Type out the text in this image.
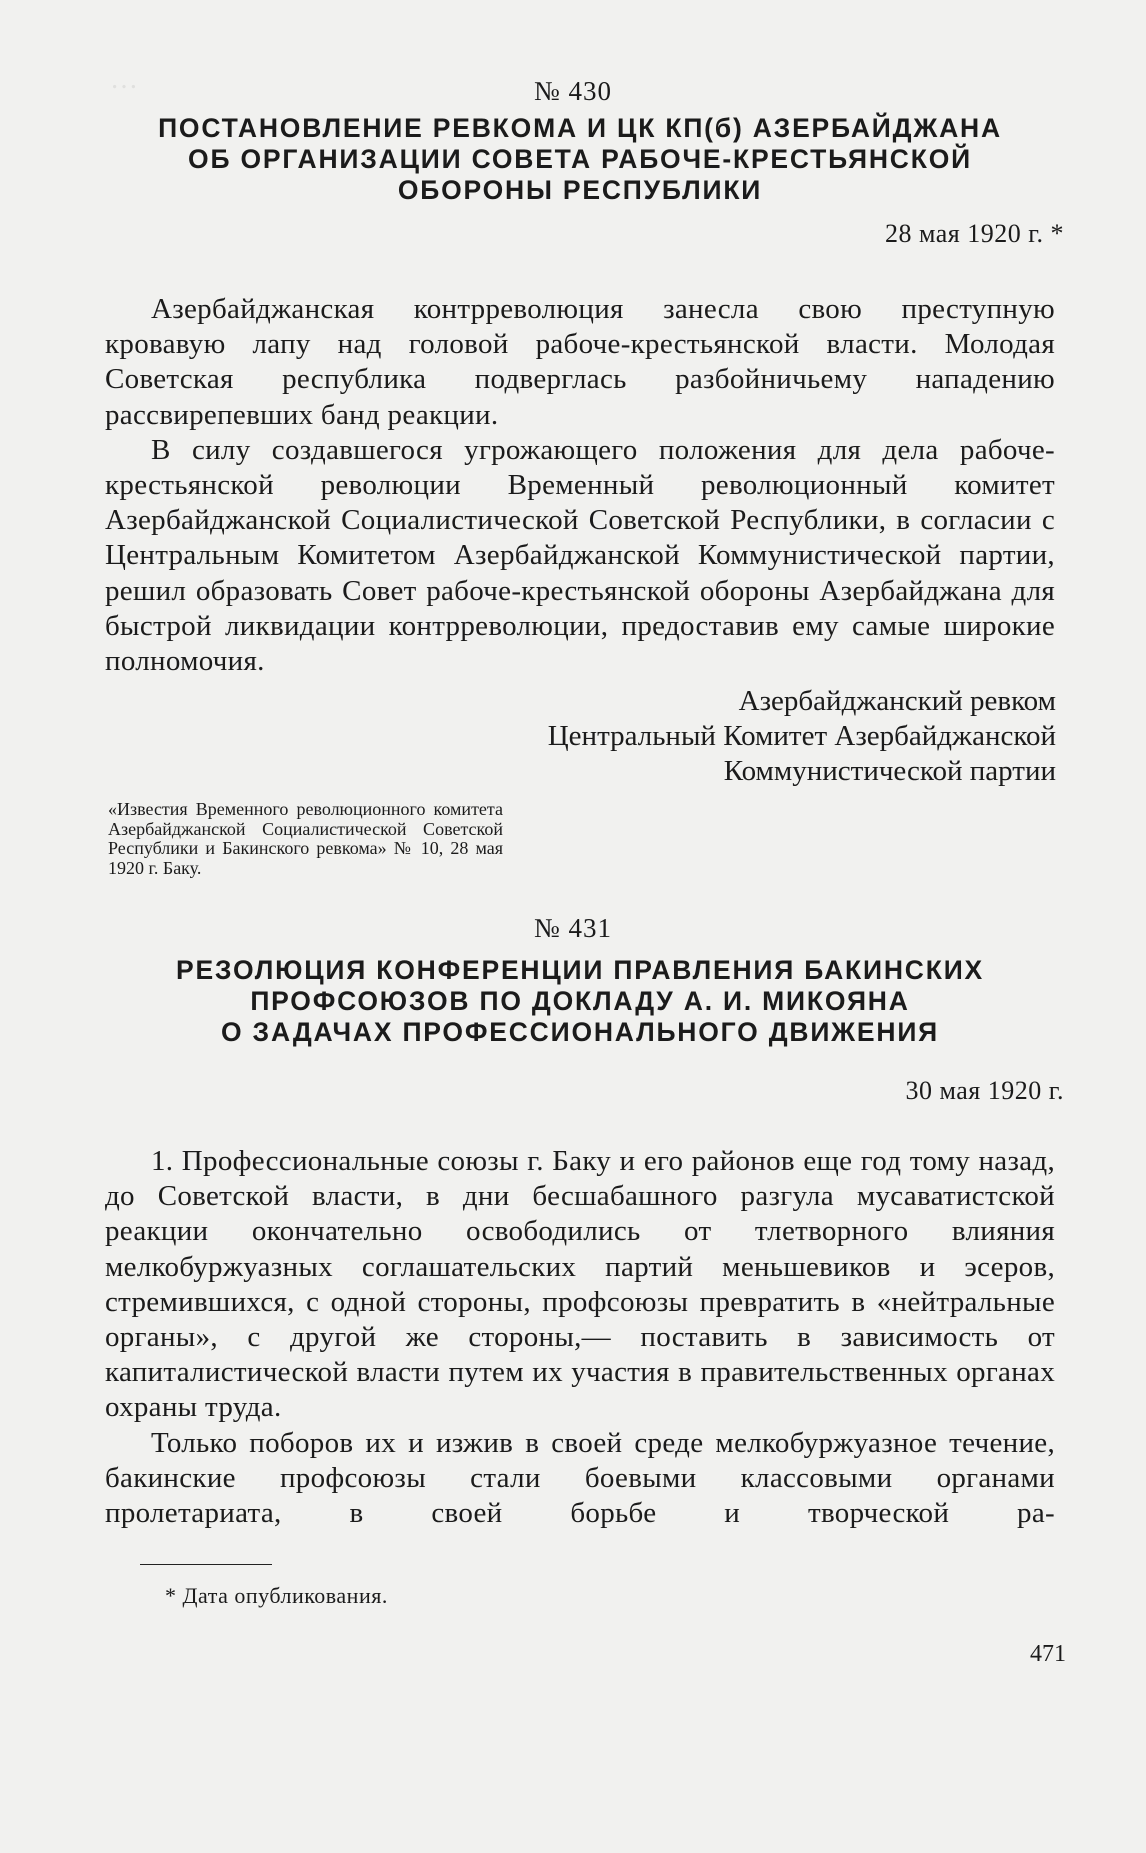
…	№ 430
ПОСТАНОВЛЕНИЕ РЕВКОМА И ЦК КП(б) АЗЕРБАЙДЖАНА
ОБ ОРГАНИЗАЦИИ СОВЕТА РАБОЧЕ-КРЕСТЬЯНСКОЙ
ОБОРОНЫ РЕСПУБЛИКИ
28 мая 1920 г. *

Азербайджанская контрреволюция занесла свою преступную кровавую лапу над головой рабоче-крестьянской власти. Молодая Советская республика подверглась разбойничьему нападению рассвирепевших банд реакции.

В силу создавшегося угрожающего положения для дела рабоче-крестьянской революции Временный революционный комитет Азербайджанской Социалистической Советской Республики, в согласии с Центральным Комитетом Азербайджанской Коммунистической партии, решил образовать Совет рабоче-крестьянской обороны Азербайджана для быстрой ликвидации контрреволюции, предоставив ему самые широкие полномочия.

Азербайджанский ревком
Центральный Комитет Азербайджанской
Коммунистической партии
«Известия Временного революционного комитета Азербайджанской Социалистической Советской Республики и Бакинского ревкома» № 10, 28 мая 1920 г. Баку.
№ 431
РЕЗОЛЮЦИЯ КОНФЕРЕНЦИИ ПРАВЛЕНИЯ БАКИНСКИХ
ПРОФСОЮЗОВ ПО ДОКЛАДУ А. И. МИКОЯНА
О ЗАДАЧАХ ПРОФЕССИОНАЛЬНОГО ДВИЖЕНИЯ
30 мая 1920 г.

1. Профессиональные союзы г. Баку и его районов еще год тому назад, до Советской власти, в дни бесшабашного разгула мусаватистской реакции окончательно освободились от тлетворного влияния мелкобуржуазных соглашательских партий меньшевиков и эсеров, стремившихся, с одной стороны, профсоюзы превратить в «нейтральные органы», с другой же стороны,— поставить в зависимость от капиталистической власти путем их участия в правительственных органах охраны труда.

Только поборов их и изжив в своей среде мелкобуржуазное течение, бакинские профсоюзы стали боевыми классовыми органами пролетариата, в своей борьбе и творческой ра-

* Дата опубликования.
471
